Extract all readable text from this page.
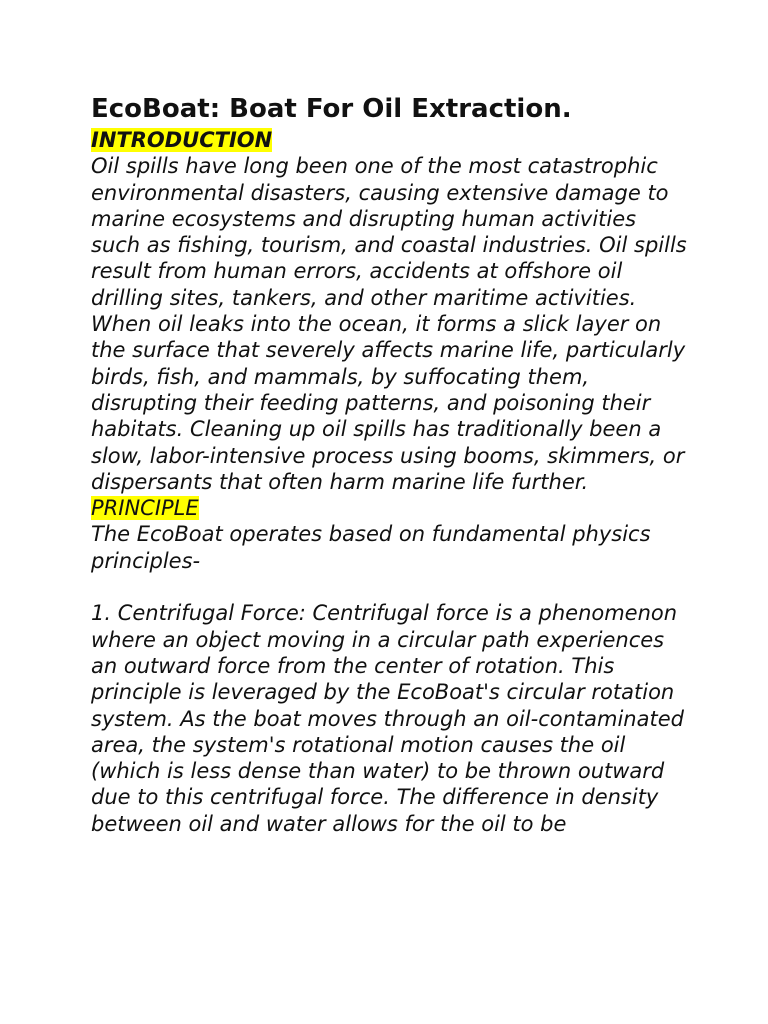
EcoBoat: Boat For Oil Extraction.

INTRODUCTION

Oil spills have long been one of the most catastrophic environmental disasters, causing extensive damage to marine ecosystems and disrupting human activities such as fishing, tourism, and coastal industries. Oil spills result from human errors, accidents at offshore oil drilling sites, tankers, and other maritime activities. When oil leaks into the ocean, it forms a slick layer on the surface that severely affects marine life, particularly birds, fish, and mammals, by suffocating them, disrupting their feeding patterns, and poisoning their habitats. Cleaning up oil spills has traditionally been a slow, labor-intensive process using booms, skimmers, or dispersants that often harm marine life further.

PRINCIPLE

The EcoBoat operates based on fundamental physics principles-

1. Centrifugal Force: Centrifugal force is a phenomenon where an object moving in a circular path experiences an outward force from the center of rotation. This principle is leveraged by the EcoBoat's circular rotation system. As the boat moves through an oil-contaminated area, the system's rotational motion causes the oil (which is less dense than water) to be thrown outward due to this centrifugal force. The difference in density between oil and water allows for the oil to be
